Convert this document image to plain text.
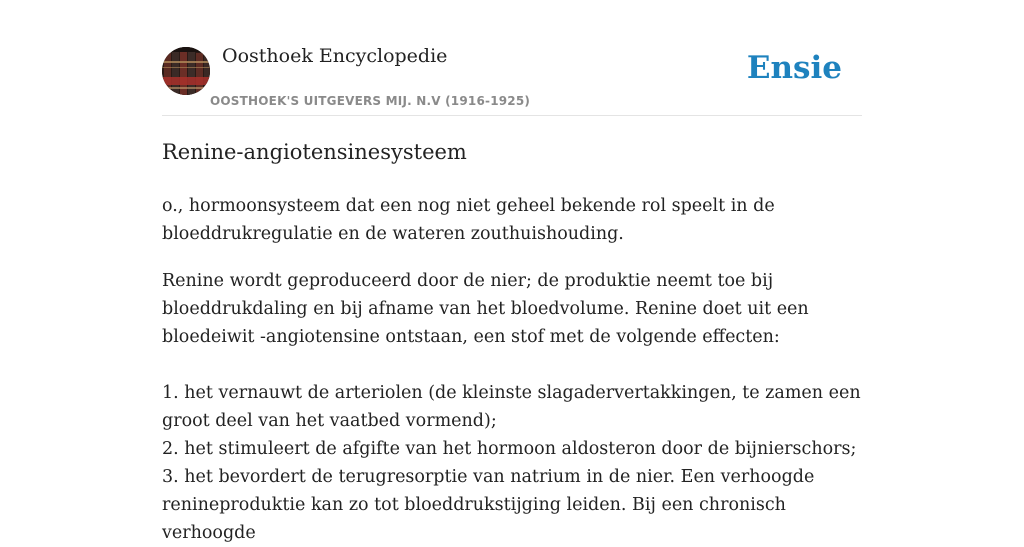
Oosthoek Encyclopedie
OOSTHOEK'S UITGEVERS MIJ. N.V (1916-1925)
Ensie
Renine-angiotensinesysteem

o., hormoonsysteem dat een nog niet geheel bekende rol speelt in de bloeddrukregulatie en de wateren zouthuishouding.

Renine wordt geproduceerd door de nier; de produktie neemt toe bij bloeddrukdaling en bij afname van het bloedvolume. Renine doet uit een bloedeiwit -angiotensine ontstaan, een stof met de volgende effecten:

1. het vernauwt de arteriolen (de kleinste slagadervertakkingen, te zamen een groot deel van het vaatbed vormend);
2. het stimuleert de afgifte van het hormoon aldosteron door de bijnierschors;
3. het bevordert de terugresorptie van natrium in de nier. Een verhoogde renineproduktie kan zo tot bloeddrukstijging leiden. Bij een chronisch verhoogde
